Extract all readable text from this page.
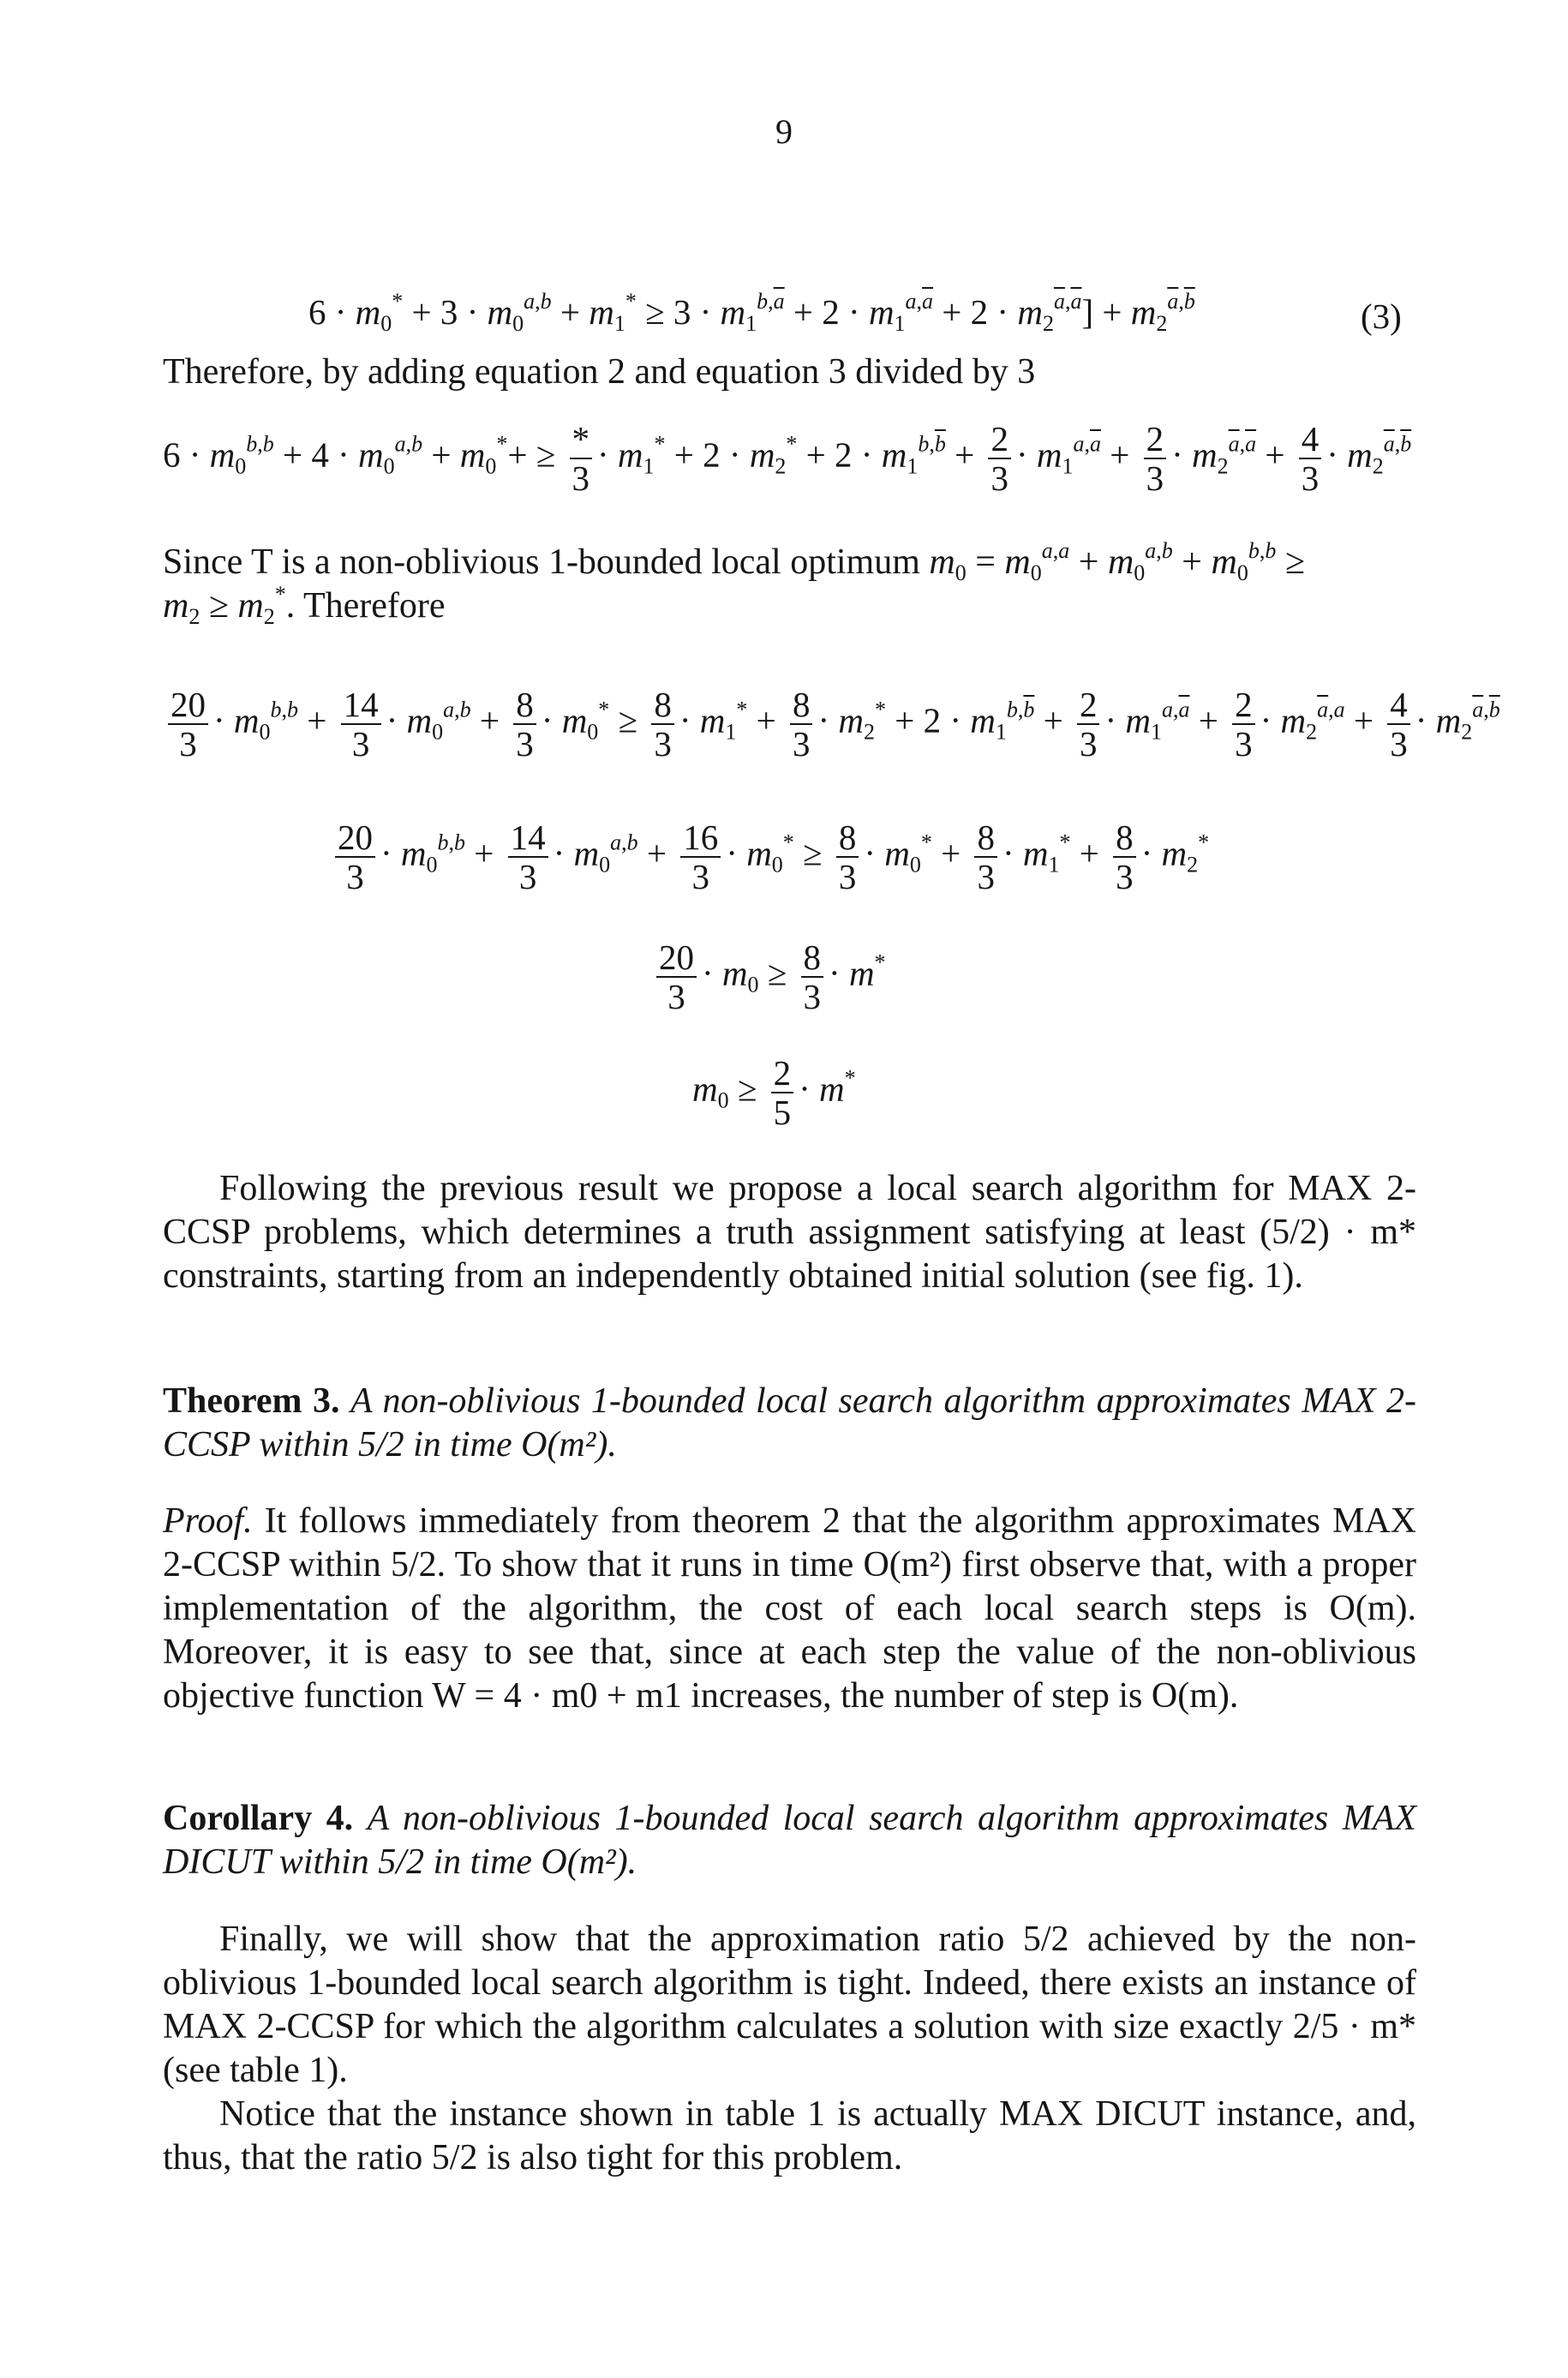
9
$6 \cdot m_0^* + 3 \cdot m_0^{a,b} + m_1^* \ge 3 \cdot m_1^{b,\overline{a}} + 2 \cdot m_1^{a,\overline{a}} + 2 \cdot m_2^{\overline{a},\overline{a}}] + m_2^{\overline{a},\overline{b}}$	(3)
Therefore, by adding equation 2 and equation 3 divided by 3
$6 \cdot m_0^{b,b} + 4 \cdot m_0^{a,b} + m_0^*+ \ge \frac{*}{3} \cdot m_1^* + 2 \cdot m_2^* + 2 \cdot m_1^{b,\overline{b}} + \frac{2}{3} \cdot m_1^{a,\overline{a}} + \frac{2}{3} \cdot m_2^{\overline{a},\overline{a}} + \frac{4}{3} \cdot m_2^{\overline{a},\overline{b}}$
Since T is a non-oblivious 1-bounded local optimum $m_0 = m_0^{a,a} + m_0^{a,b} + m_0^{b,b}$ ≥
$m_2 \ge m_2^*$. Therefore
$\frac{20}{3} \cdot m_0^{b,b} + \frac{14}{3} \cdot m_0^{a,b} + \frac{8}{3} \cdot m_0^* \ge \frac{8}{3} \cdot m_1^* + \frac{8}{3} \cdot m_2^* + 2 \cdot m_1^{b,\overline{b}} + \frac{2}{3} \cdot m_1^{a,\overline{a}} + \frac{2}{3} \cdot m_2^{\overline{a},a} + \frac{4}{3} \cdot m_2^{\overline{a},\overline{b}}$
$\frac{20}{3} \cdot m_0^{b,b} + \frac{14}{3} \cdot m_0^{a,b} + \frac{16}{3} \cdot m_0^* \ge \frac{8}{3} \cdot m_0^* + \frac{8}{3} \cdot m_1^* + \frac{8}{3} \cdot m_2^*$
$\frac{20}{3} \cdot m_0 \ge \frac{8}{3} \cdot m^*$
$m_0 \ge \frac{2}{5} \cdot m^*$
Following the previous result we propose a local search algorithm for MAX 2-CCSP problems, which determines a truth assignment satisfying at least (5/2) · m* constraints, starting from an independently obtained initial solution (see fig. 1).
Theorem 3. A non-oblivious 1-bounded local search algorithm approximates MAX 2-CCSP within 5/2 in time O(m²).
Proof. It follows immediately from theorem 2 that the algorithm approximates MAX 2-CCSP within 5/2. To show that it runs in time O(m²) first observe that, with a proper implementation of the algorithm, the cost of each local search steps is O(m). Moreover, it is easy to see that, since at each step the value of the non-oblivious objective function W = 4 · m0 + m1 increases, the number of step is O(m).
Corollary 4. A non-oblivious 1-bounded local search algorithm approximates MAX DICUT within 5/2 in time O(m²).
Finally, we will show that the approximation ratio 5/2 achieved by the non-oblivious 1-bounded local search algorithm is tight. Indeed, there exists an instance of MAX 2-CCSP for which the algorithm calculates a solution with size exactly 2/5 · m* (see table 1).
Notice that the instance shown in table 1 is actually MAX DICUT instance, and, thus, that the ratio 5/2 is also tight for this problem.
